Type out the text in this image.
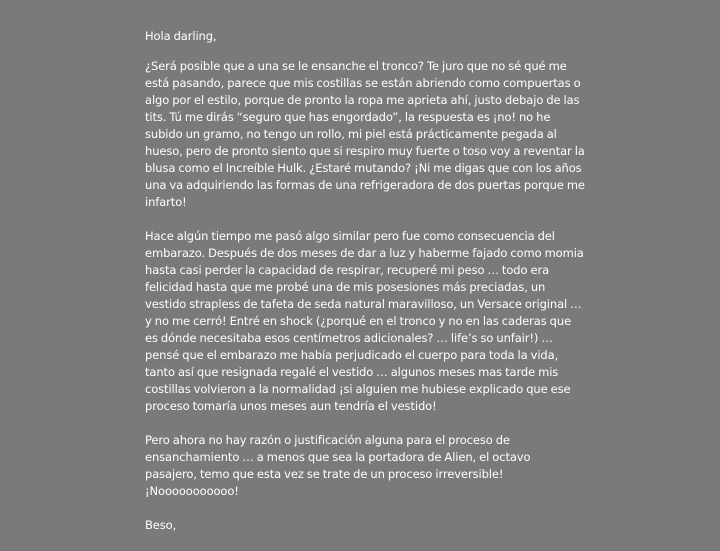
Hola darling,

¿Será posible que a una se le ensanche el tronco? Te juro que no sé qué me está pasando, parece que mis costillas se están abriendo como compuertas o algo por el estilo, porque de pronto la ropa me aprieta ahí, justo debajo de las tits. Tú me dirás “seguro que has engordado”, la respuesta es ¡no! no he subido un gramo, no tengo un rollo, mi piel está prácticamente pegada al hueso, pero de pronto siento que si respiro muy fuerte o toso voy a reventar la blusa como el Increíble Hulk. ¿Estaré mutando? ¡Ni me digas que con los años una va adquiriendo las formas de una refrigeradora de dos puertas porque me infarto!

Hace algún tiempo me pasó algo similar pero fue como consecuencia del embarazo. Después de dos meses de dar a luz y haberme fajado como momia hasta casi perder la capacidad de respirar, recuperé mi peso … todo era felicidad hasta que me probé una de mis posesiones más preciadas, un vestido strapless de tafeta de seda natural maravilloso, un Versace original … y no me cerró! Entré en shock (¿porqué en el tronco y no en las caderas que es dónde necesitaba esos centímetros adicionales? … life’s so unfair!) … pensé que el embarazo me había perjudicado el cuerpo para toda la vida, tanto así que resignada regalé el vestido … algunos meses mas tarde mis costillas volvieron a la normalidad ¡si alguien me hubiese explicado que ese proceso tomaría unos meses aun tendría el vestido!

Pero ahora no hay razón o justificación alguna para el proceso de ensanchamiento … a menos que sea la portadora de Alien, el octavo pasajero, temo que esta vez se trate de un proceso irreversible! ¡Nooooooooooo!

Beso,
